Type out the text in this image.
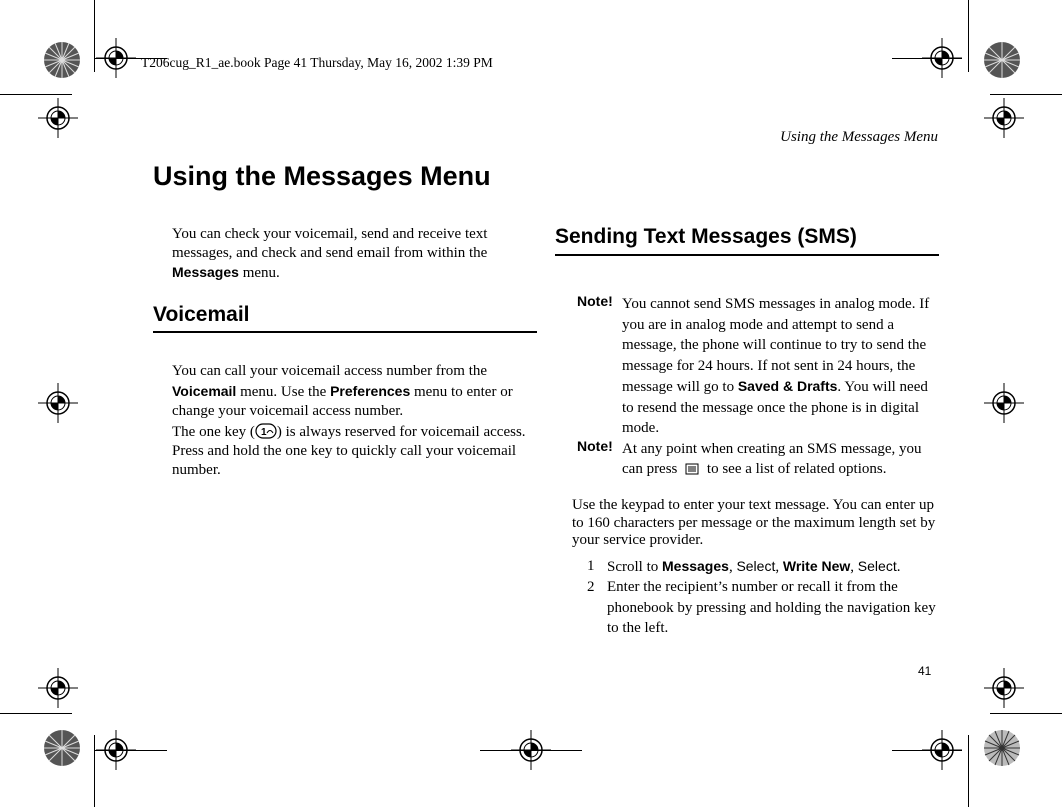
T206cug_R1_ae.book Page 41 Thursday, May 16, 2002 1:39 PM
Using the Messages Menu
Using the Messages Menu
You can check your voicemail, send and receive text messages, and check and send email from within the Messages menu.
Voicemail
You can call your voicemail access number from the Voicemail menu. Use the Preferences menu to enter or change your voicemail access number.
The one key ( 1 ) is always reserved for voicemail access. Press and hold the one key to quickly call your voicemail number.
Sending Text Messages (SMS)
Note! You cannot send SMS messages in analog mode. If you are in analog mode and attempt to send a message, the phone will continue to try to send the message for 24 hours. If not sent in 24 hours, the message will go to Saved & Drafts. You will need to resend the message once the phone is in digital mode.
Note! At any point when creating an SMS message, you can press  to see a list of related options.
Use the keypad to enter your text message. You can enter up to 160 characters per message or the maximum length set by your service provider.
1 Scroll to Messages, Select, Write New, Select.
2 Enter the recipient’s number or recall it from the phonebook by pressing and holding the navigation key to the left.
41
